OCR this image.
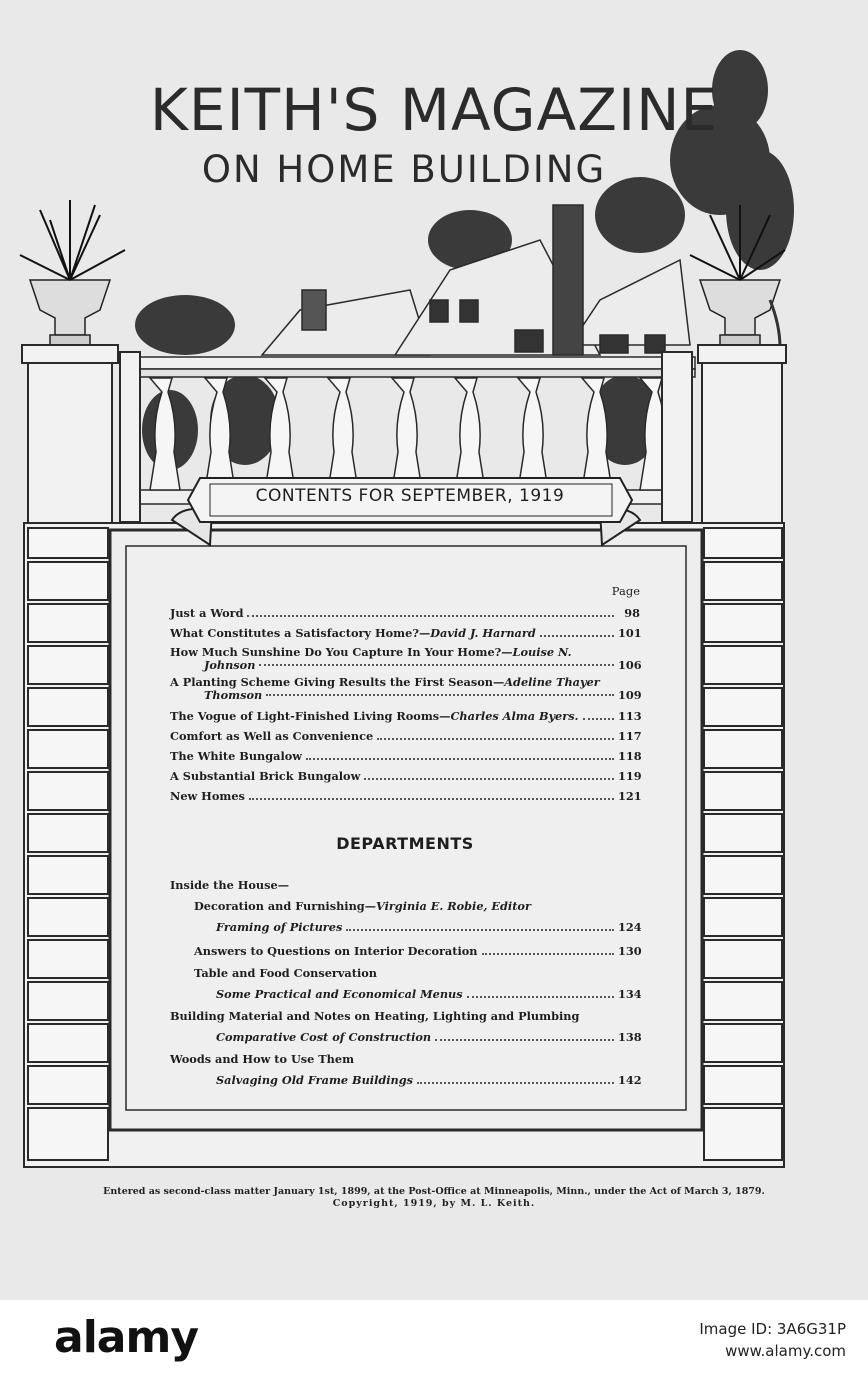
KEITH'S MAGAZINE
ON HOME BUILDING
CONTENTS FOR SEPTEMBER, 1919
Page
Just a Word	98
What Constitutes a Satisfactory Home?—David J. Harnard	101
How Much Sunshine Do You Capture In Your Home?—Louise N.
Johnson	106
A Planting Scheme Giving Results the First Season—Adeline Thayer
Thomson	109
The Vogue of Light-Finished Living Rooms—Charles Alma Byers.	113
Comfort as Well as Convenience	117
The White Bungalow	118
A Substantial Brick Bungalow	119
New Homes	121
DEPARTMENTS
Inside the House—
Decoration and Furnishing—Virginia E. Robie, Editor
Framing of Pictures	124
Answers to Questions on Interior Decoration	130
Table and Food Conservation
Some Practical and Economical Menus	134
Building Material and Notes on Heating, Lighting and Plumbing
Comparative Cost of Construction	138
Woods and How to Use Them
Salvaging Old Frame Buildings	142
Entered as second-class matter January 1st, 1899, at the Post-Office at Minneapolis, Minn., under the Act of March 3, 1879.
Copyright, 1919, by M. L. Keith.
alamy	Image ID: 3A6G31P
www.alamy.com
